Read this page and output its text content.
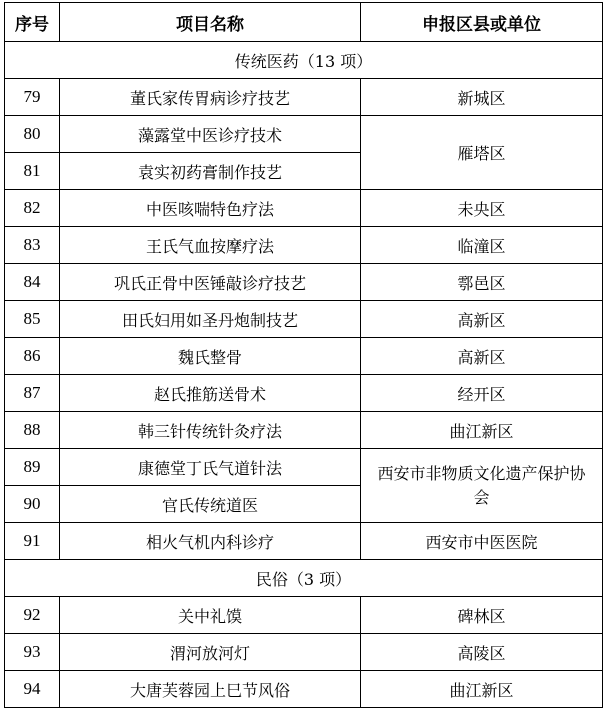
序号	项目名称	申报区县或单位
传统医药（13 项）		
79	董氏家传胃病诊疗技艺	新城区
80	藻露堂中医诊疗技术	雁塔区
81	袁实初药膏制作技艺	
82	中医咳喘特色疗法	未央区
83	王氏气血按摩疗法	临潼区
84	巩氏正骨中医锤敲诊疗技艺	鄠邑区
85	田氏妇用如圣丹炮制技艺	高新区
86	魏氏整骨	高新区
87	赵氏推筋送骨术	经开区
88	韩三针传统针灸疗法	曲江新区
89	康德堂丁氏气道针法	西安市非物质文化遗产保护协会
90	官氏传统道医	
91	相火气机内科诊疗	西安市中医医院
民俗（3 项）		
92	关中礼馍	碑林区
93	渭河放河灯	高陵区
94	大唐芙蓉园上巳节风俗	曲江新区
